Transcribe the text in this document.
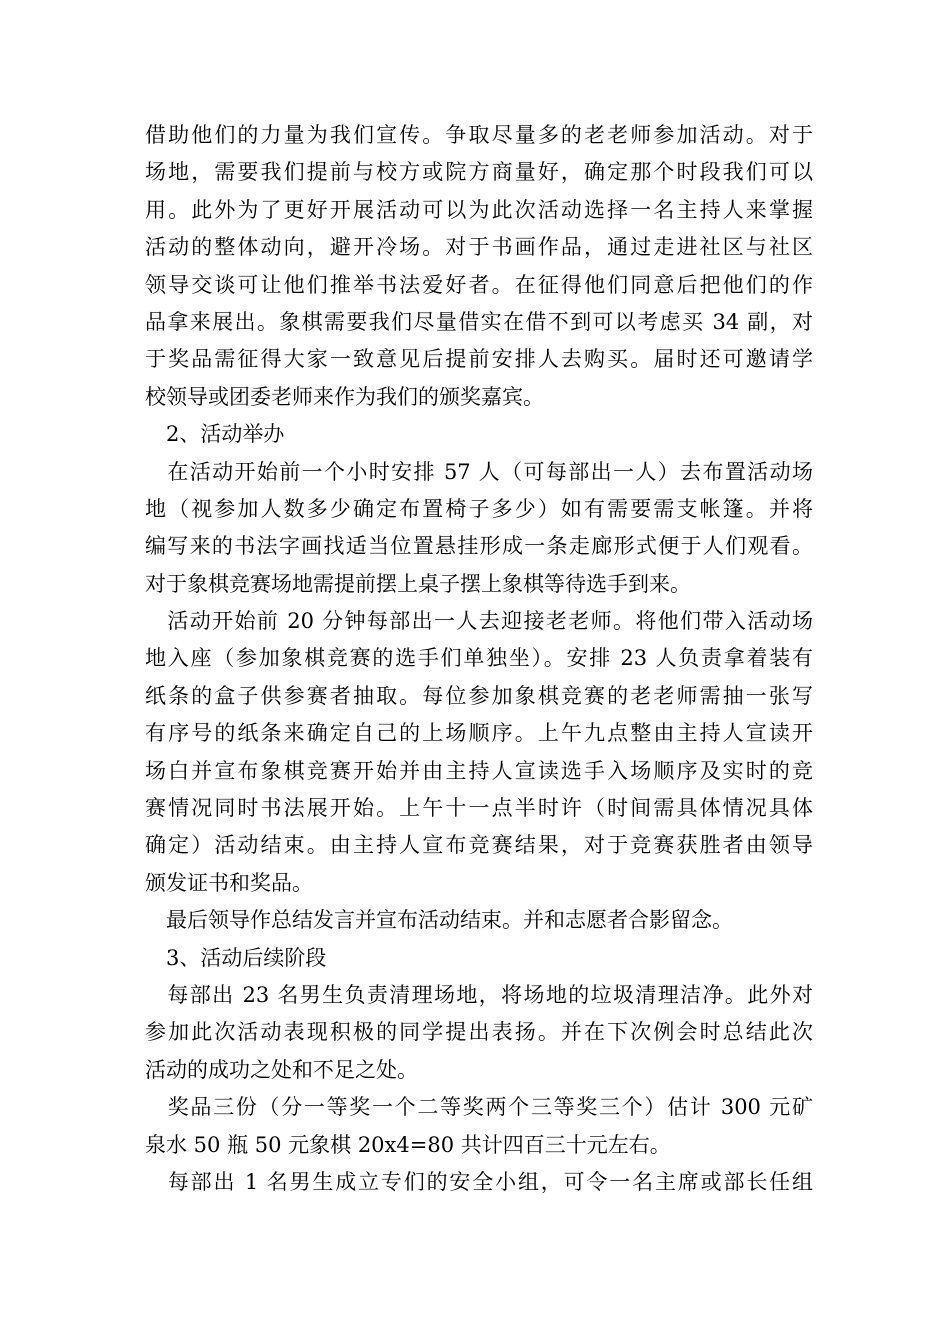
借助他们的力量为我们宣传。争取尽量多的老老师参加活动。对于
场地，需要我们提前与校方或院方商量好，确定那个时段我们可以
用。此外为了更好开展活动可以为此次活动选择一名主持人来掌握
活动的整体动向，避开冷场。对于书画作品，通过走进社区与社区
领导交谈可让他们推举书法爱好者。在征得他们同意后把他们的作
品拿来展出。象棋需要我们尽量借实在借不到可以考虑买 34 副，对
于奖品需征得大家一致意见后提前安排人去购买。届时还可邀请学
校领导或团委老师来作为我们的颁奖嘉宾。
　2、活动举办
　在活动开始前一个小时安排 57 人（可每部出一人）去布置活动场
地（视参加人数多少确定布置椅子多少）如有需要需支帐篷。并将
编写来的书法字画找适当位置悬挂形成一条走廊形式便于人们观看。
对于象棋竞赛场地需提前摆上桌子摆上象棋等待选手到来。
　活动开始前 20 分钟每部出一人去迎接老老师。将他们带入活动场
地入座（参加象棋竞赛的选手们单独坐）。安排 23 人负责拿着装有
纸条的盒子供参赛者抽取。每位参加象棋竞赛的老老师需抽一张写
有序号的纸条来确定自己的上场顺序。上午九点整由主持人宣读开
场白并宣布象棋竞赛开始并由主持人宣读选手入场顺序及实时的竞
赛情况同时书法展开始。上午十一点半时许（时间需具体情况具体
确定）活动结束。由主持人宣布竞赛结果，对于竞赛获胜者由领导
颁发证书和奖品。
　最后领导作总结发言并宣布活动结束。并和志愿者合影留念。
　3、活动后续阶段
　每部出 23 名男生负责清理场地，将场地的垃圾清理洁净。此外对
参加此次活动表现积极的同学提出表扬。并在下次例会时总结此次
活动的成功之处和不足之处。
　奖品三份（分一等奖一个二等奖两个三等奖三个）估计 300 元矿
泉水 50 瓶 50 元象棋 20x4=80 共计四百三十元左右。
　每部出 1 名男生成立专们的安全小组，可令一名主席或部长任组
